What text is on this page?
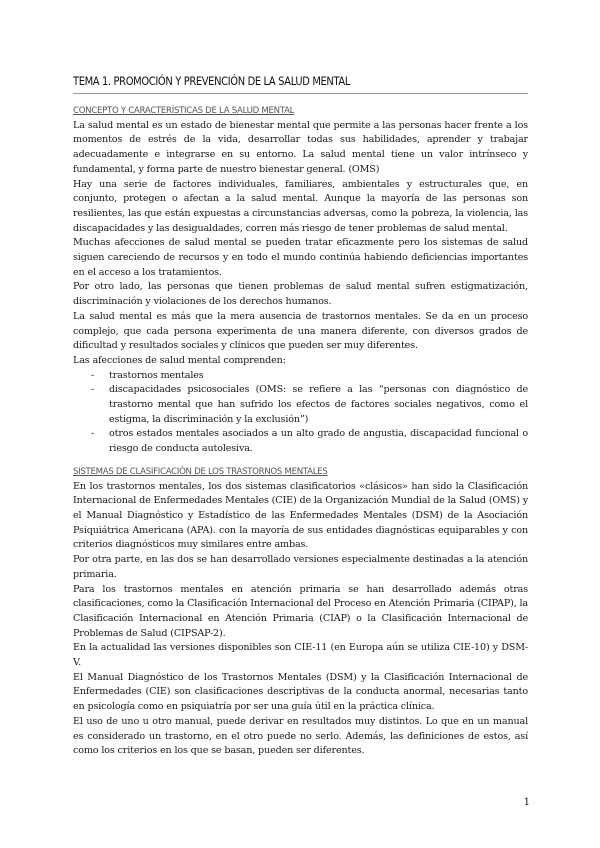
TEMA 1. PROMOCIÓN Y PREVENCIÓN DE LA SALUD MENTAL
CONCEPTO Y CARACTERÍSTICAS DE LA SALUD MENTAL

La salud mental es un estado de bienestar mental que permite a las personas hacer frente a los momentos de estrés de la vida, desarrollar todas sus habilidades, aprender y trabajar adecuadamente e integrarse en su entorno. La salud mental tiene un valor intrínseco y fundamental, y forma parte de nuestro bienestar general. (OMS)

Hay una serie de factores individuales, familiares, ambientales y estructurales que, en conjunto, protegen o afectan a la salud mental. Aunque la mayoría de las personas son resilientes, las que están expuestas a circunstancias adversas, como la pobreza, la violencia, las discapacidades y las desigualdades, corren más riesgo de tener problemas de salud mental.

Muchas afecciones de salud mental se pueden tratar eficazmente pero los sistemas de salud siguen careciendo de recursos y en todo el mundo continúa habiendo deficiencias importantes en el acceso a los tratamientos.

Por otro lado, las personas que tienen problemas de salud mental sufren estigmatización, discriminación y violaciones de los derechos humanos.

La salud mental es más que la mera ausencia de trastornos mentales. Se da en un proceso complejo, que cada persona experimenta de una manera diferente, con diversos grados de dificultad y resultados sociales y clínicos que pueden ser muy diferentes.

Las afecciones de salud mental comprenden:

- trastornos mentales
- discapacidades psicosociales (OMS: se refiere a las “personas con diagnóstico de trastorno mental que han sufrido los efectos de factores sociales negativos, como el estigma, la discriminación y la exclusión”)
- otros estados mentales asociados a un alto grado de angustia, discapacidad funcional o riesgo de conducta autolesiva.
SISTEMAS DE CLASIFICACIÓN DE LOS TRASTORNOS MENTALES

En los trastornos mentales, los dos sistemas clasificatorios «clásicos» han sido la Clasificación Internacional de Enfermedades Mentales (CIE) de la Organización Mundial de la Salud (OMS) y el Manual Diagnóstico y Estadístico de las Enfermedades Mentales (DSM) de la Asociación Psiquiátrica Americana (APA). con la mayoría de sus entidades diagnósticas equiparables y con criterios diagnósticos muy similares entre ambas.

Por otra parte, en las dos se han desarrollado versiones especialmente destinadas a la atención primaria.

Para los trastornos mentales en atención primaria se han desarrollado además otras clasificaciones, como la Clasificación Internacional del Proceso en Atención Primaria (CIPAP), la Clasificación Internacional en Atención Primaria (CIAP) o la Clasificación Internacional de Problemas de Salud (CIPSAP-2).

En la actualidad las versiones disponibles son CIE-11 (en Europa aún se utiliza CIE-10) y DSM-V.

El Manual Diagnóstico de los Trastornos Mentales (DSM) y la Clasificación Internacional de Enfermedades (CIE) son clasificaciones descriptivas de la conducta anormal, necesarias tanto en psicología como en psiquiatría por ser una guía útil en la práctica clínica.

El uso de uno u otro manual, puede derivar en resultados muy distintos. Lo que en un manual es considerado un trastorno, en el otro puede no serlo. Además, las definiciones de estos, así como los criterios en los que se basan, pueden ser diferentes.

1
